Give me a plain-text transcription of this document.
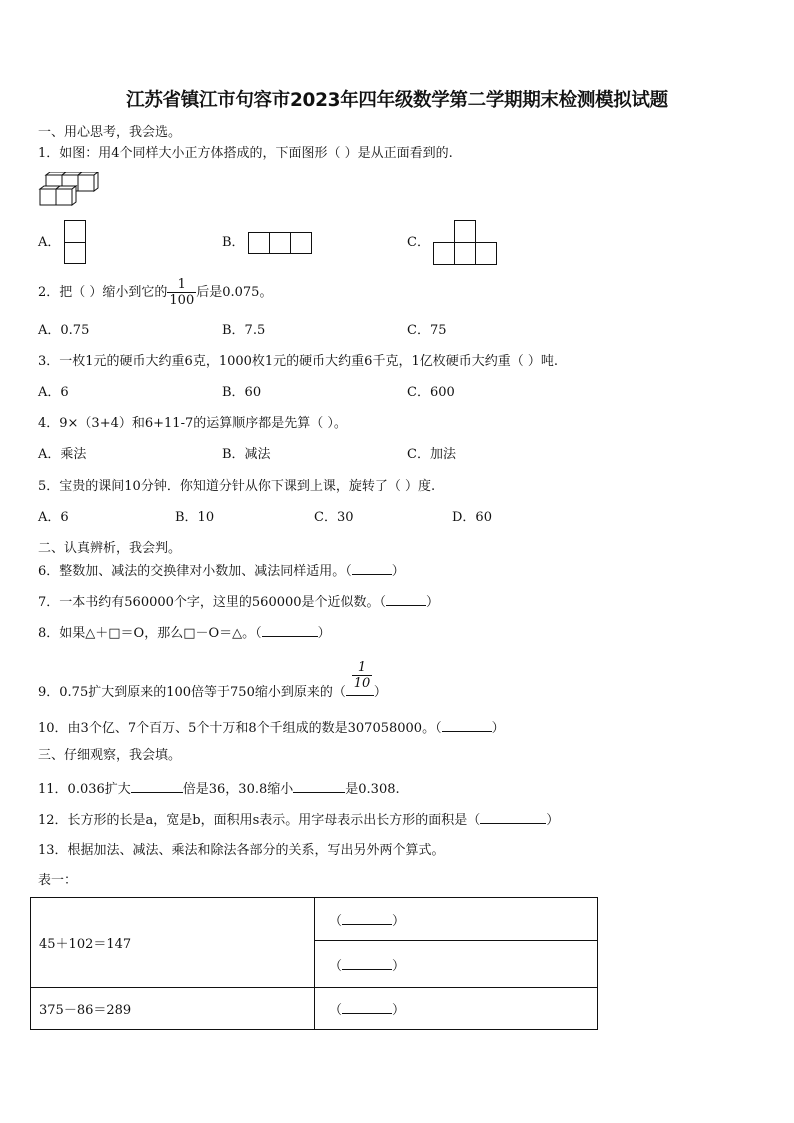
江苏省镇江市句容市2023年四年级数学第二学期期末检测模拟试题
一、用心思考，我会选。
1．如图：用4个同样大小正方体搭成的，下面图形（ ）是从正面看到的.
A．	B．	C．
2．把（ ）缩小到它的 $\frac{1}{100}$ 后是0.075。
A．0.75	B．7.5	C．75
3．一枚1元的硬币大约重6克，1000枚1元的硬币大约重6千克，1亿枚硬币大约重（ ）吨.
A．6	B．60	C．600
4．9×（3+4）和6+11-7的运算顺序都是先算（ ）。
A．乘法	B．减法	C．加法
5．宝贵的课间10分钟．你知道分针从你下课到上课，旋转了（ ）度.
A．6	B．10	C．30	D．60
二、认真辨析，我会判。
6．整数加、减法的交换律对小数加、减法同样适用。（	）
7．一本书约有560000个字，这里的560000是个近似数。（	）
8．如果△＋□＝O，那么□－O＝△。（	）
9．0.75扩大到原来的100倍等于750缩小到原来的（ ）
$\frac{1}{10}$
10．由3个亿、7个百万、5个十万和8个千组成的数是307058000。（	）
三、仔细观察，我会填。
11．0.036扩大	倍是36，30.8缩小	是0.308.
12．长方形的长是a，宽是b，面积用s表示。用字母表示出长方形的面积是（	）
13．根据加法、减法、乘法和除法各部分的关系，写出另外两个算式。
表一：
45＋102＝147	（ ）
	（ ）
375－86＝289	（ ）
